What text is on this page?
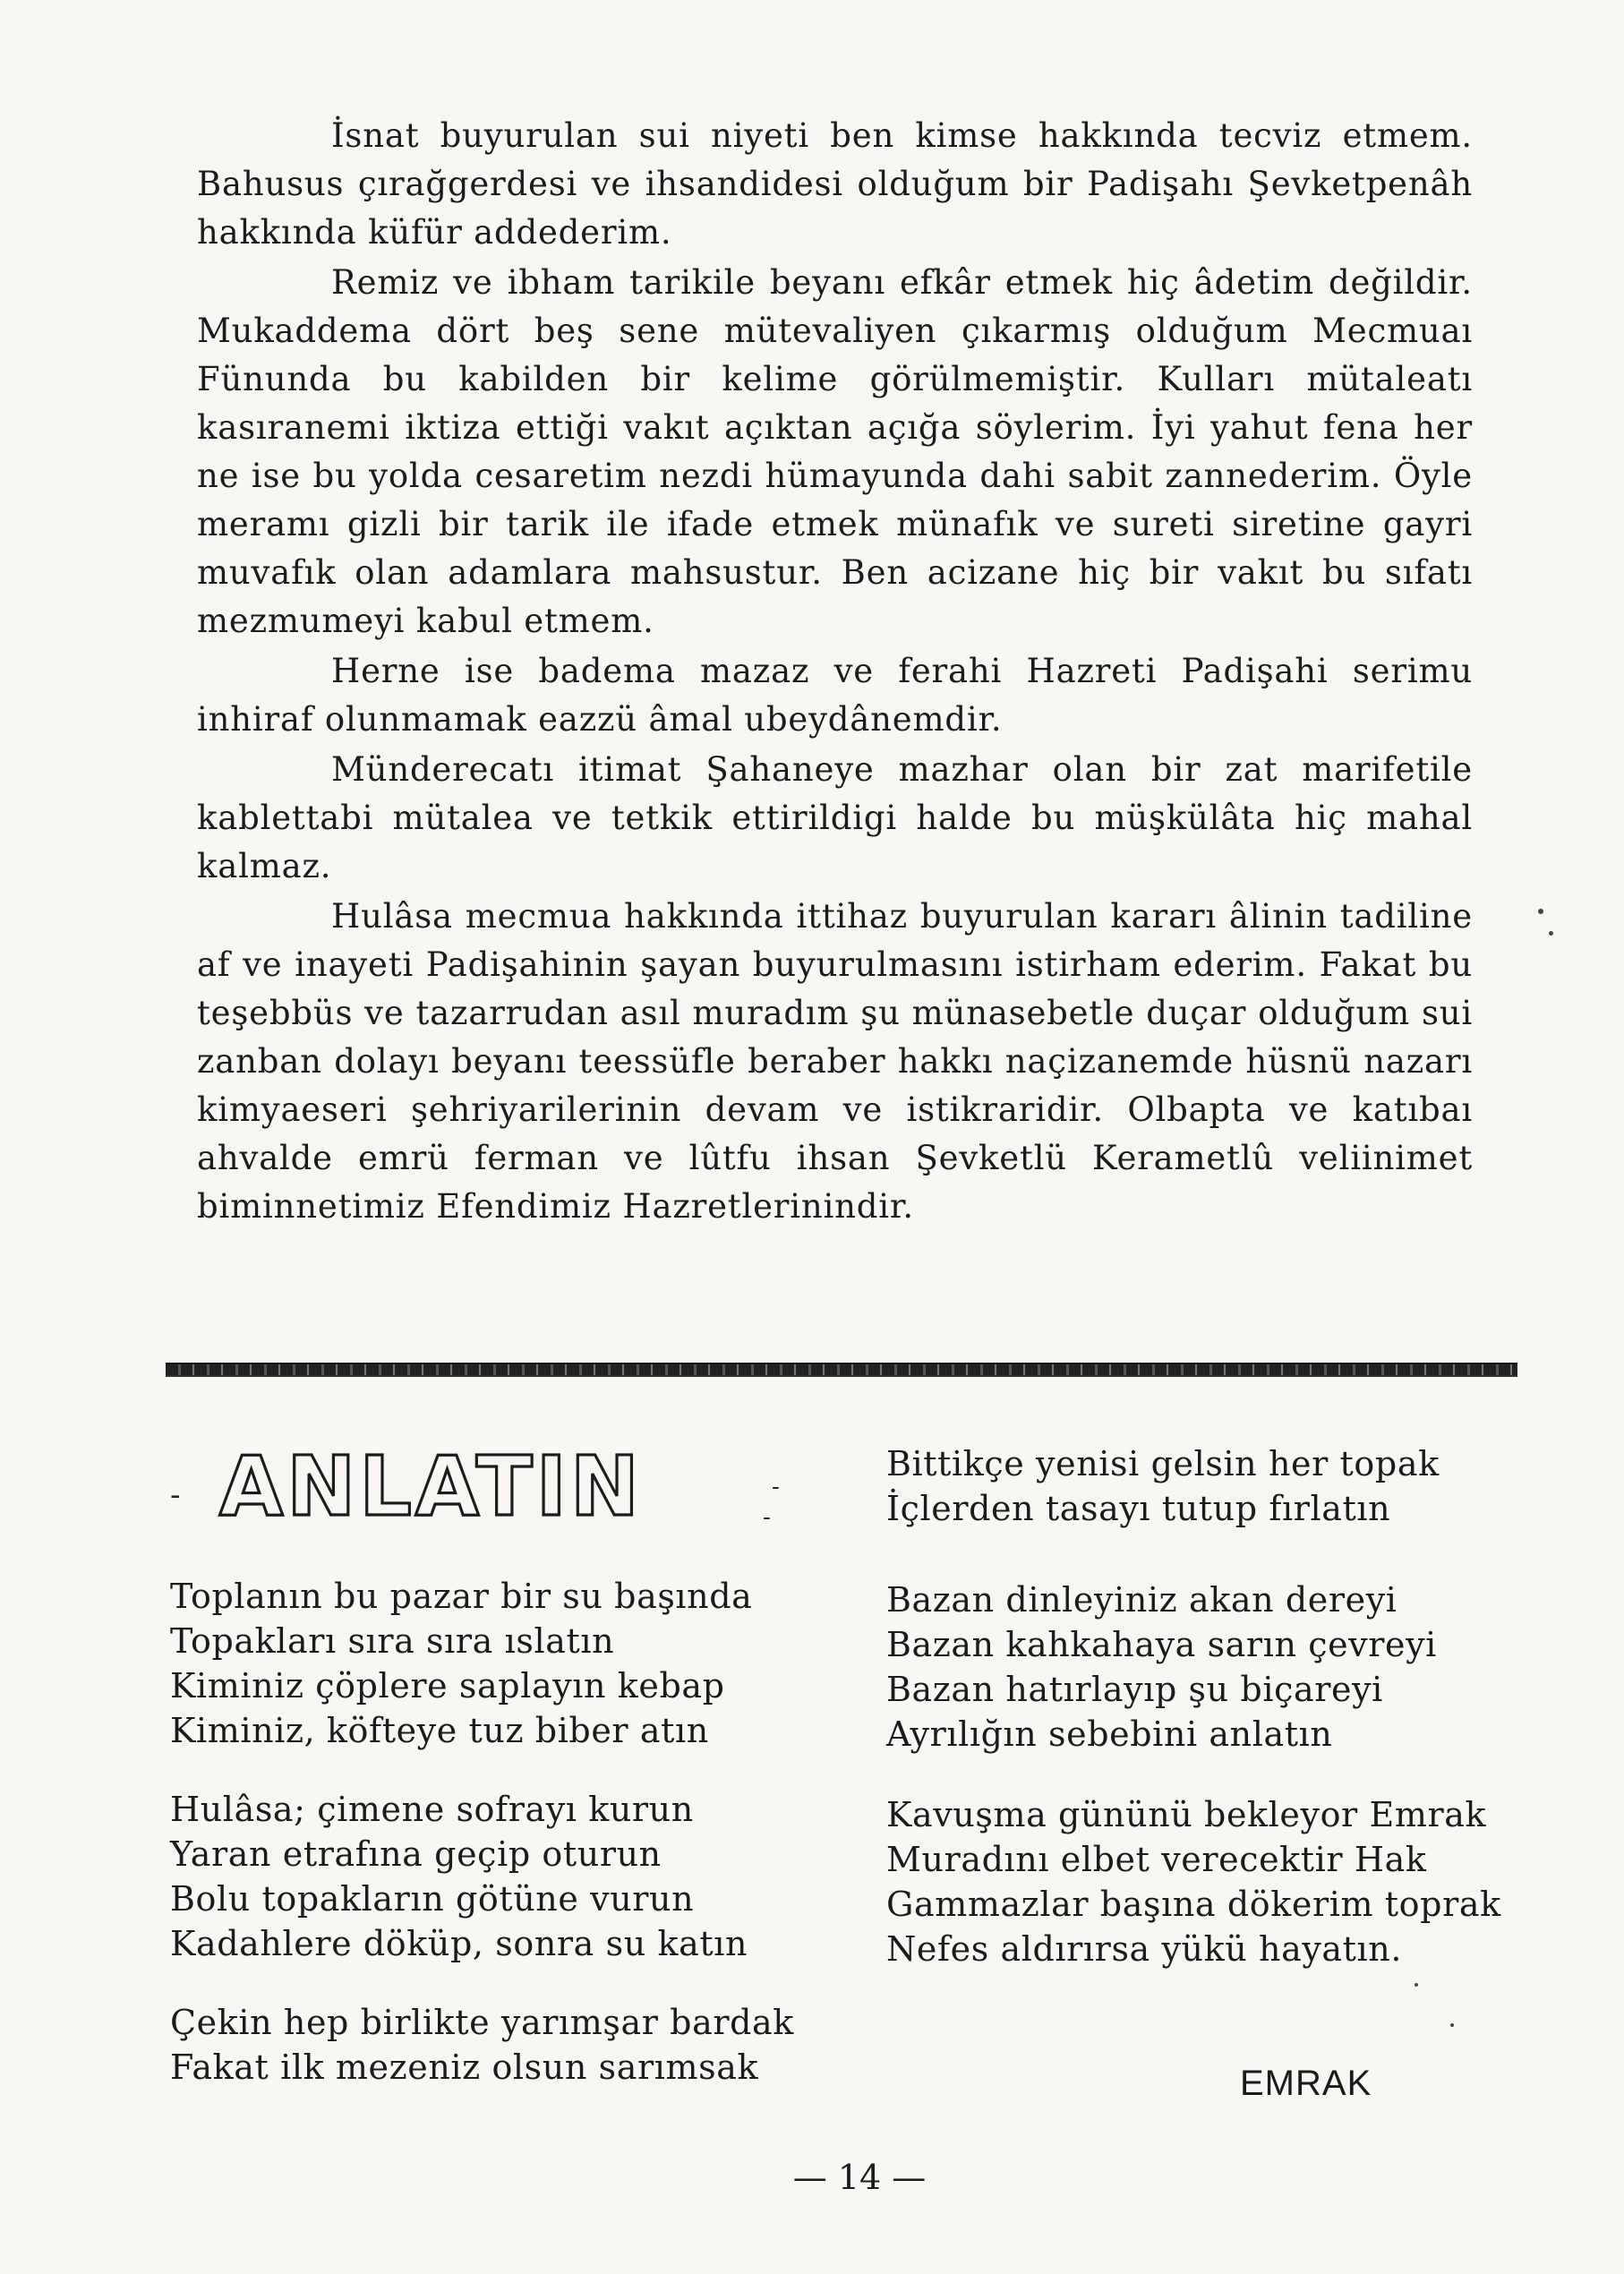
İsnat buyurulan sui niyeti ben kimse hakkında tecviz etmem. Bahusus çırağgerdesi ve ihsandidesi olduğum bir Padişahı Şevketpenâh hakkında küfür addederim.

Remiz ve ibham tarikile beyanı efkâr etmek hiç âdetim değildir. Mukaddema dört beş sene mütevaliyen çıkarmış olduğum Mecmuaı Fünunda bu kabilden bir kelime görülmemiştir. Kulları mütaleatı kasıranemi iktiza ettiği vakıt açıktan açığa söylerim. İyi yahut fena her ne ise bu yolda cesaretim nezdi hümayunda dahi sabit zannederim. Öyle meramı gizli bir tarik ile ifade etmek münafık ve sureti siretine gayri muvafık olan adamlara mahsustur. Ben acizane hiç bir vakıt bu sıfatı mezmumeyi kabul etmem.

Herne ise badema mazaz ve ferahi Hazreti Padişahi serimu inhiraf olunmamak eazzü âmal ubeydânemdir.

Münderecatı itimat Şahaneye mazhar olan bir zat marifetile kablettabi mütalea ve tetkik ettirildigi halde bu müşkülâta hiç mahal kalmaz.

Hulâsa mecmua hakkında ittihaz buyurulan kararı âlinin tadiline af ve inayeti Padişahinin şayan buyurulmasını istirham ederim. Fakat bu teşebbüs ve tazarrudan asıl muradım şu münasebetle duçar olduğum sui zanban dolayı beyanı teessüfle beraber hakkı naçizanemde hüsnü nazarı kimyaeseri şehriyarilerinin devam ve istikraridir. Olbapta ve katıbaı ahvalde emrü ferman ve lûtfu ihsan Şevketlü Kerametlû veliinimet biminnetimiz Efendimiz Hazretlerinindir.

- ANLATIN	-
-
Toplanın bu pazar bir su başında
Topakları sıra sıra ıslatın
Kiminiz çöplere saplayın kebap
Kiminiz, köfteye tuz biber atın
Hulâsa; çimene sofrayı kurun
Yaran etrafına geçip oturun
Bolu topakların götüne vurun
Kadahlere döküp, sonra su katın
Çekin hep birlikte yarımşar bardak
Fakat ilk mezeniz olsun sarımsak
Bittikçe yenisi gelsin her topak
İçlerden tasayı tutup fırlatın
Bazan dinleyiniz akan dereyi
Bazan kahkahaya sarın çevreyi
Bazan hatırlayıp şu biçareyi
Ayrılığın sebebini anlatın
Kavuşma gününü bekleyor Emrak
Muradını elbet verecektir Hak
Gammazlar başına dökerim toprak
Nefes aldırırsa yükü hayatın.
EMRAK
— 14 —
